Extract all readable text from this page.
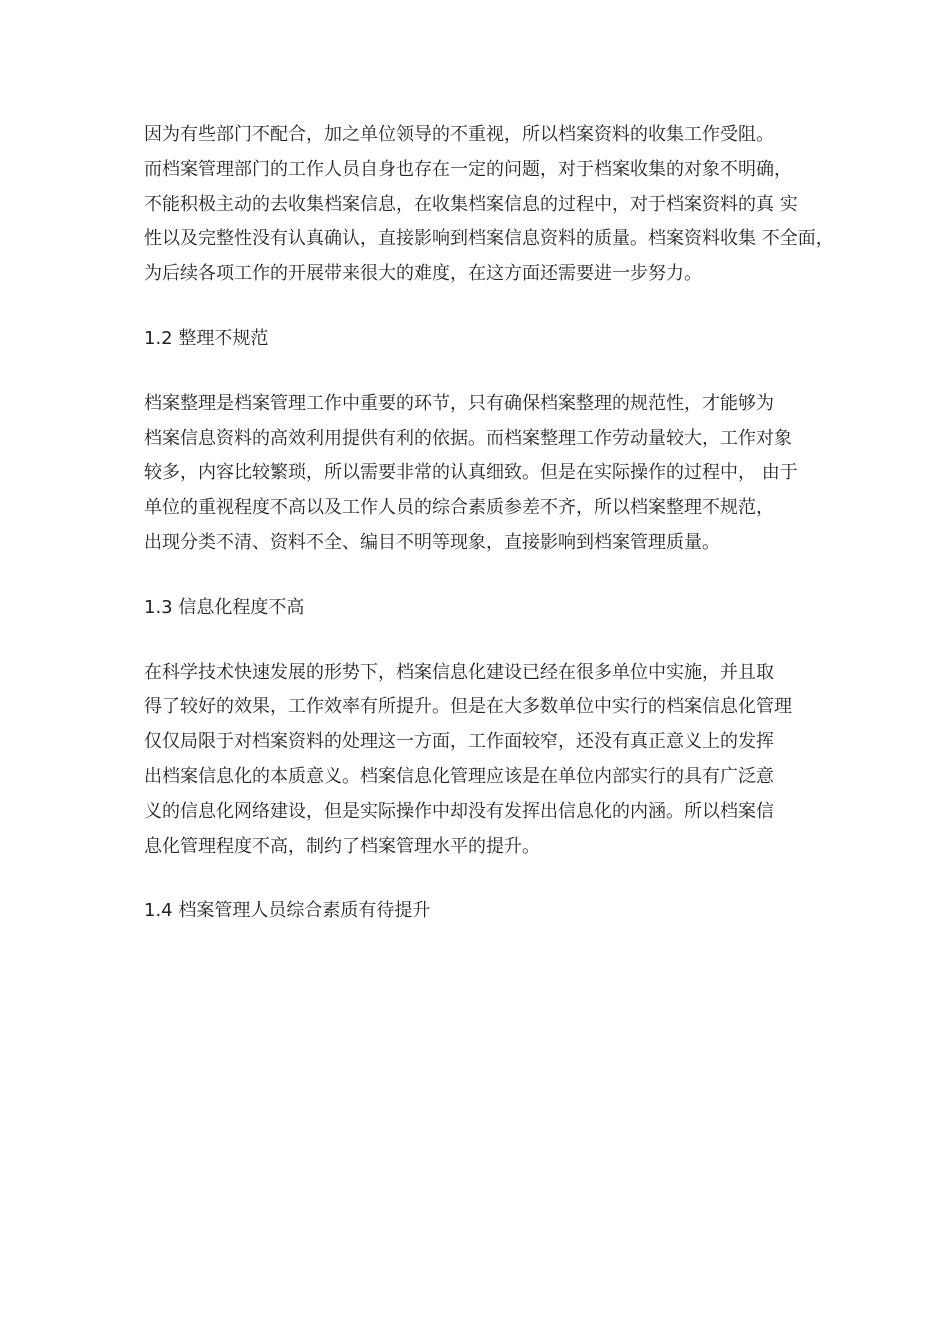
因为有些部门不配合，加之单位领导的不重视，所以档案资料的收集工作受阻。
而档案管理部门的工作人员自身也存在一定的问题，对于档案收集的对象不明确，
不能积极主动的去收集档案信息，在收集档案信息的过程中，对于档案资料的真 实
性以及完整性没有认真确认，直接影响到档案信息资料的质量。档案资料收集 不全面，
为后续各项工作的开展带来很大的难度，在这方面还需要进一步努力。
1.2 整理不规范
档案整理是档案管理工作中重要的环节，只有确保档案整理的规范性，才能够为
档案信息资料的高效利用提供有利的依据。而档案整理工作劳动量较大，工作对象
较多，内容比较繁琐，所以需要非常的认真细致。但是在实际操作的过程中， 由于
单位的重视程度不高以及工作人员的综合素质参差不齐，所以档案整理不规范，
出现分类不清、资料不全、编目不明等现象，直接影响到档案管理质量。
1.3 信息化程度不高
在科学技术快速发展的形势下，档案信息化建设已经在很多单位中实施，并且取
得了较好的效果，工作效率有所提升。但是在大多数单位中实行的档案信息化管理
仅仅局限于对档案资料的处理这一方面，工作面较窄，还没有真正意义上的发挥
出档案信息化的本质意义。档案信息化管理应该是在单位内部实行的具有广泛意
义的信息化网络建设，但是实际操作中却没有发挥出信息化的内涵。所以档案信
息化管理程度不高，制约了档案管理水平的提升。
1.4 档案管理人员综合素质有待提升
